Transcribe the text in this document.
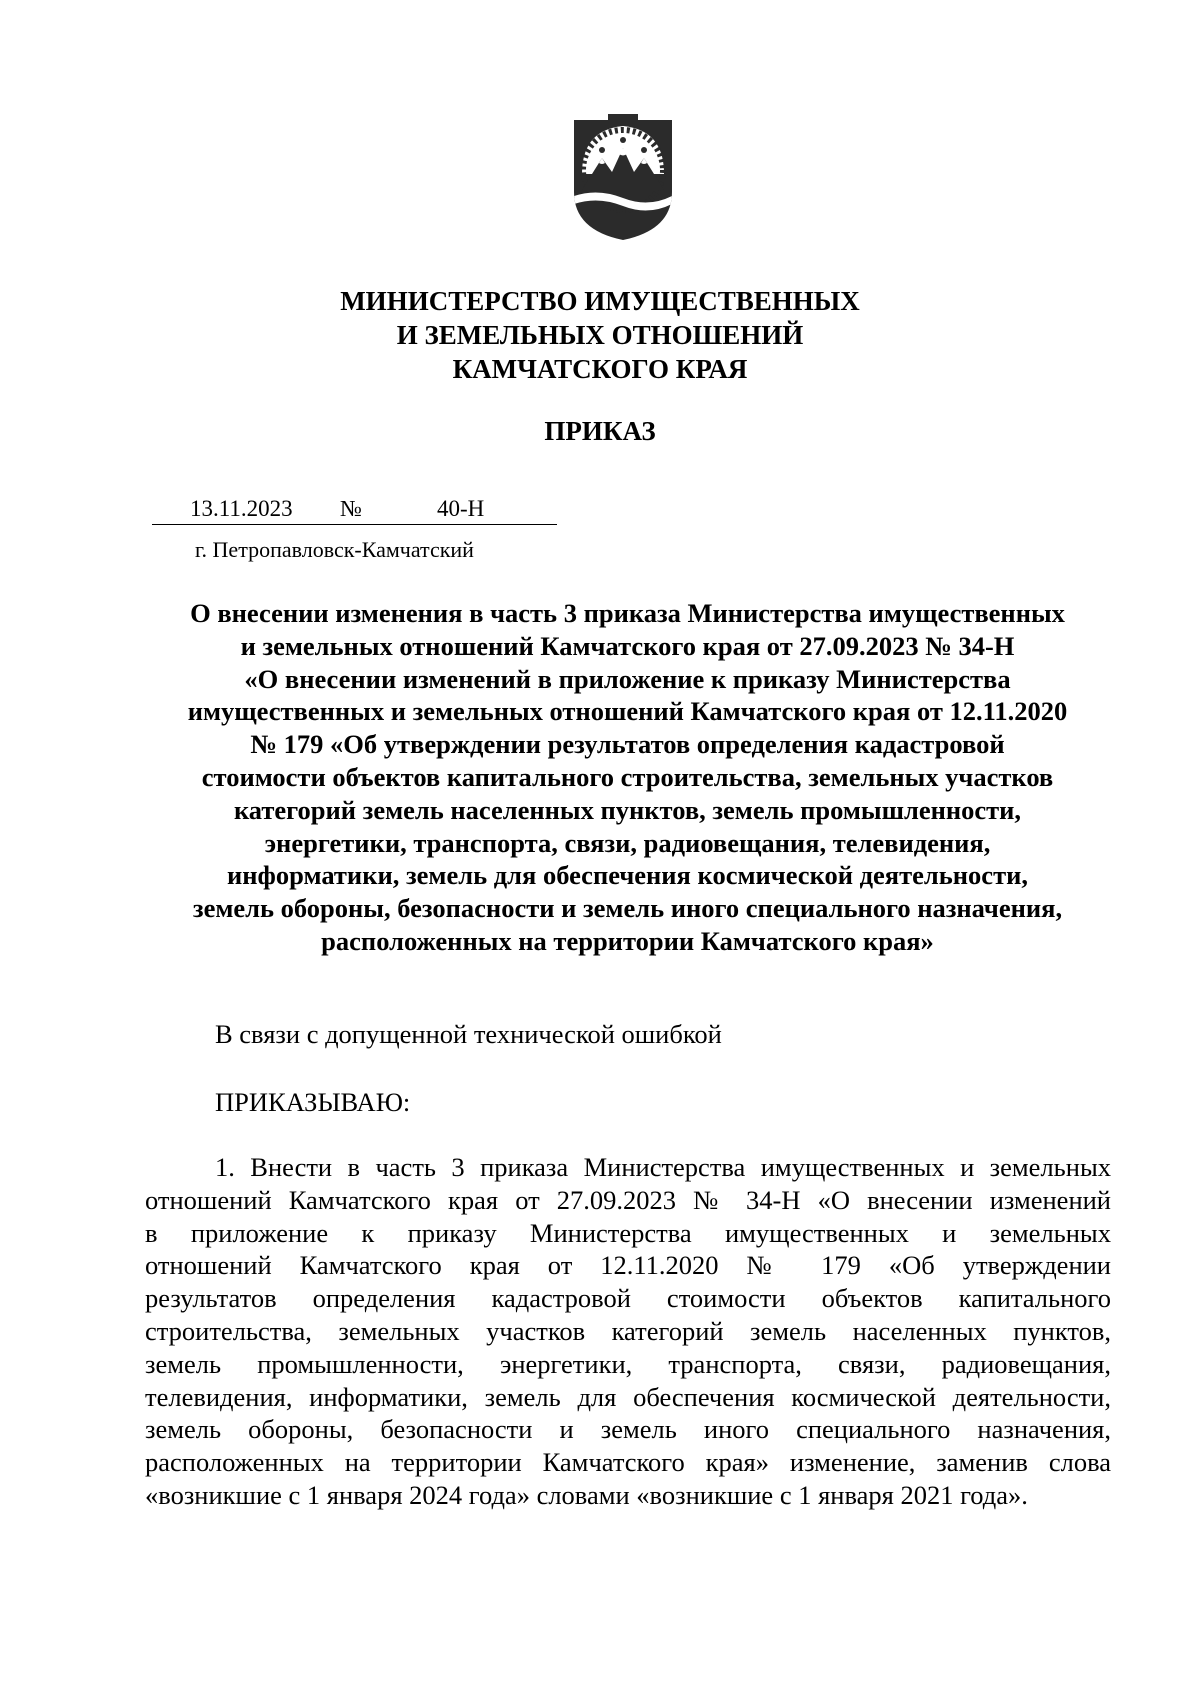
МИНИСТЕРСТВО ИМУЩЕСТВЕННЫХ
И ЗЕМЕЛЬНЫХ ОТНОШЕНИЙ
КАМЧАТСКОГО КРАЯ
ПРИКАЗ
13.11.2023 №	40-Н
г. Петропавловск-Камчатский
О внесении изменения в часть 3 приказа Министерства имущественных
и земельных отношений Камчатского края от 27.09.2023 № 34-Н
«О внесении изменений в приложение к приказу Министерства
имущественных и земельных отношений Камчатского края от 12.11.2020
№ 179 «Об утверждении результатов определения кадастровой
стоимости объектов капитального строительства, земельных участков
категорий земель населенных пунктов, земель промышленности,
энергетики, транспорта, связи, радиовещания, телевидения,
информатики, земель для обеспечения космической деятельности,
земель обороны, безопасности и земель иного специального назначения,
расположенных на территории Камчатского края»
В связи с допущенной технической ошибкой
ПРИКАЗЫВАЮ:
1. Внести в часть 3 приказа Министерства имущественных и земельных
отношений Камчатского края от 27.09.2023 № 34-Н «О внесении изменений
в приложение к приказу Министерства имущественных и земельных
отношений Камчатского края от 12.11.2020 № 179 «Об утверждении
результатов определения кадастровой стоимости объектов капитального
строительства, земельных участков категорий земель населенных пунктов,
земель промышленности, энергетики, транспорта, связи, радиовещания,
телевидения, информатики, земель для обеспечения космической деятельности,
земель обороны, безопасности и земель иного специального назначения,
расположенных на территории Камчатского края» изменение, заменив слова
«возникшие с 1 января 2024 года» словами «возникшие с 1 января 2021 года».
